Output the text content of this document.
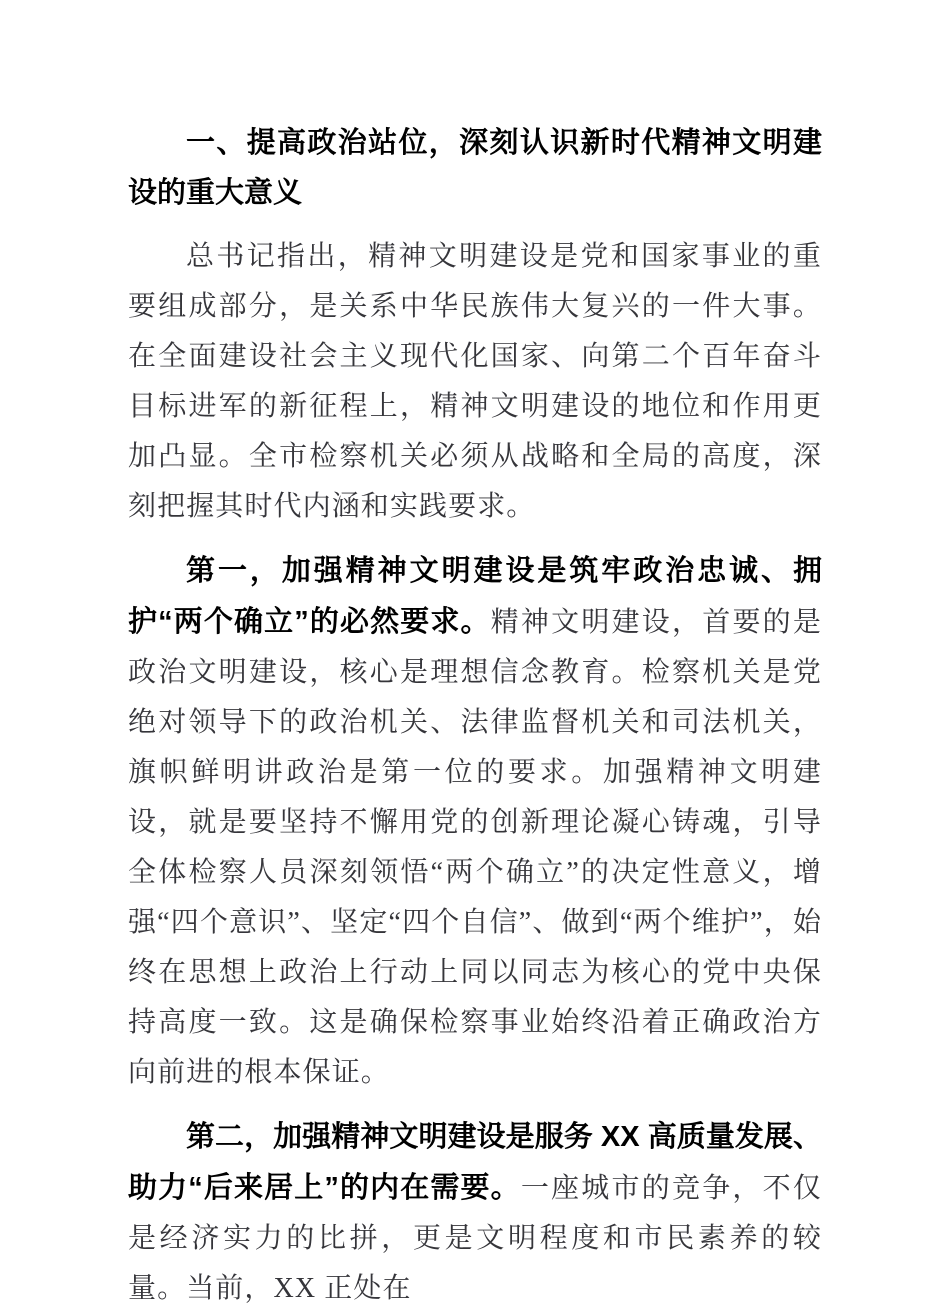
一、提高政治站位，深刻认识新时代精神文明建设的重大意义

总书记指出，精神文明建设是党和国家事业的重要组成部分，是关系中华民族伟大复兴的一件大事。在全面建设社会主义现代化国家、向第二个百年奋斗目标进军的新征程上，精神文明建设的地位和作用更加凸显。全市检察机关必须从战略和全局的高度，深刻把握其时代内涵和实践要求。

第一，加强精神文明建设是筑牢政治忠诚、拥护“两个确立”的必然要求。精神文明建设，首要的是政治文明建设，核心是理想信念教育。检察机关是党绝对领导下的政治机关、法律监督机关和司法机关，旗帜鲜明讲政治是第一位的要求。加强精神文明建设，就是要坚持不懈用党的创新理论凝心铸魂，引导全体检察人员深刻领悟“两个确立”的决定性意义，增强“四个意识”、坚定“四个自信”、做到“两个维护”，始终在思想上政治上行动上同以同志为核心的党中央保持高度一致。这是确保检察事业始终沿着正确政治方向前进的根本保证。

第二，加强精神文明建设是服务 XX 高质量发展、助力“后来居上”的内在需要。一座城市的竞争，不仅是经济实力的比拼，更是文明程度和市民素养的较量。当前，XX 正处在
